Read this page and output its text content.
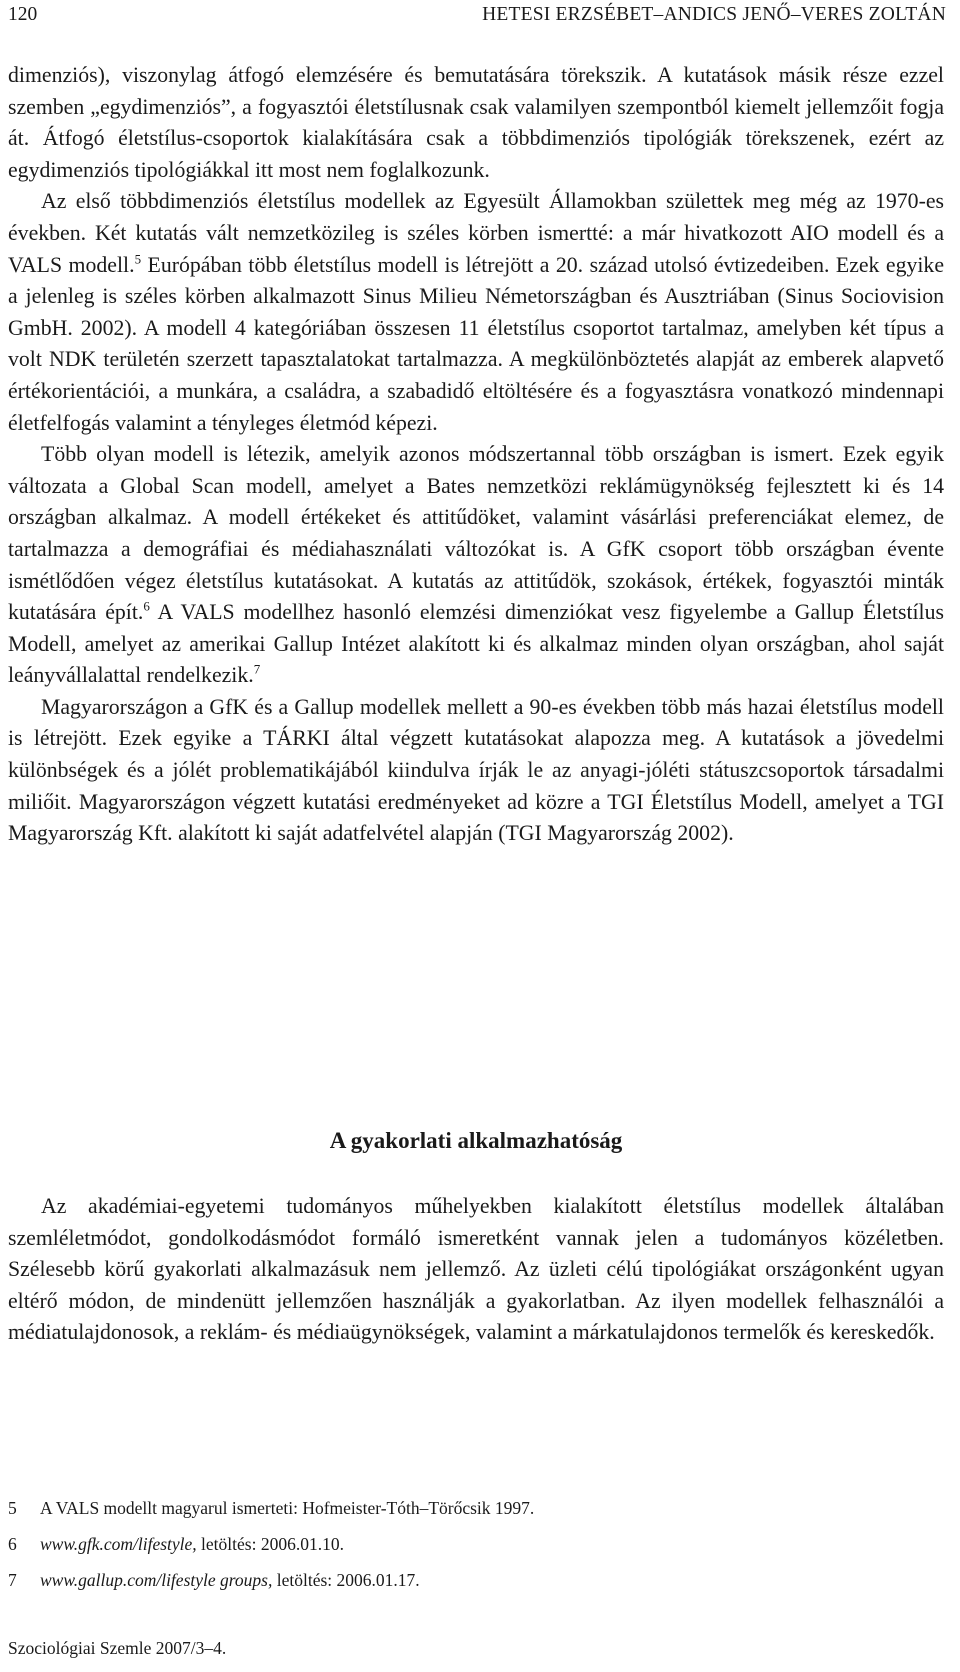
120	HETESI ERZSÉBET–ANDICS JENŐ–VERES ZOLTÁN

dimenziós), viszonylag átfogó elemzésére és bemutatására törekszik. A kutatások másik része ezzel szemben „egydimenziós”, a fogyasztói életstílusnak csak valamilyen szempontból kiemelt jellemzőit fogja át. Átfogó életstílus-csoportok kialakítására csak a többdimenziós tipológiák törekszenek, ezért az egydimenziós tipológiákkal itt most nem foglalkozunk.

Az első többdimenziós életstílus modellek az Egyesült Államokban születtek meg még az 1970-es években. Két kutatás vált nemzetközileg is széles körben ismertté: a már hivatkozott AIO modell és a VALS modell.$^5$ Európában több életstílus modell is létrejött a 20. század utolsó évtizedeiben. Ezek egyike a jelenleg is széles körben alkalmazott Sinus Milieu Németországban és Ausztriában (Sinus Sociovision GmbH. 2002). A modell 4 kategóriában összesen 11 életstílus csoportot tartalmaz, amelyben két típus a volt NDK területén szerzett tapasztalatokat tartalmazza. A megkülönböztetés alapját az emberek alapvető értékorientációi, a munkára, a családra, a szabadidő eltöltésére és a fogyasztásra vonatkozó mindennapi életfelfogás valamint a tényleges életmód képezi.

Több olyan modell is létezik, amelyik azonos módszertannal több országban is ismert. Ezek egyik változata a Global Scan modell, amelyet a Bates nemzetközi reklámügynökség fejlesztett ki és 14 országban alkalmaz. A modell értékeket és attitűdöket, valamint vásárlási preferenciákat elemez, de tartalmazza a demográfiai és médiahasználati változókat is. A GfK csoport több országban évente ismétlődően végez életstílus kutatásokat. A kutatás az attitűdök, szokások, értékek, fogyasztói minták kutatására épít.$^6$ A VALS modellhez hasonló elemzési dimenziókat vesz figyelembe a Gallup Életstílus Modell, amelyet az amerikai Gallup Intézet alakított ki és alkalmaz minden olyan országban, ahol saját leányvállalattal rendelkezik.$^7$

Magyarországon a GfK és a Gallup modellek mellett a 90-es években több más hazai életstílus modell is létrejött. Ezek egyike a TÁRKI által végzett kutatásokat alapozza meg. A kutatások a jövedelmi különbségek és a jólét problematikájából kiindulva írják le az anyagi-jóléti státuszcsoportok társadalmi miliőit. Magyarországon végzett kutatási eredményeket ad közre a TGI Életstílus Modell, amelyet a TGI Magyarország Kft. alakított ki saját adatfelvétel alapján (TGI Magyarország 2002).

A gyakorlati alkalmazhatóság

Az akadémiai-egyetemi tudományos műhelyekben kialakított életstílus modellek általában szemléletmódot, gondolkodásmódot formáló ismeretként vannak jelen a tudományos közéletben. Szélesebb körű gyakorlati alkalmazásuk nem jellemző. Az üzleti célú tipológiákat országonként ugyan eltérő módon, de mindenütt jellemzően használják a gyakorlatban. Az ilyen modellek felhasználói a médiatulajdonosok, a reklám- és médiaügynökségek, valamint a márkatulajdonos termelők és kereskedők.

5 A VALS modellt magyarul ismerteti: Hofmeister-Tóth–Törőcsik 1997.
6 www.gfk.com/lifestyle, letöltés: 2006.01.10.
7 www.gallup.com/lifestyle groups, letöltés: 2006.01.17.
Szociológiai Szemle 2007/3–4.
